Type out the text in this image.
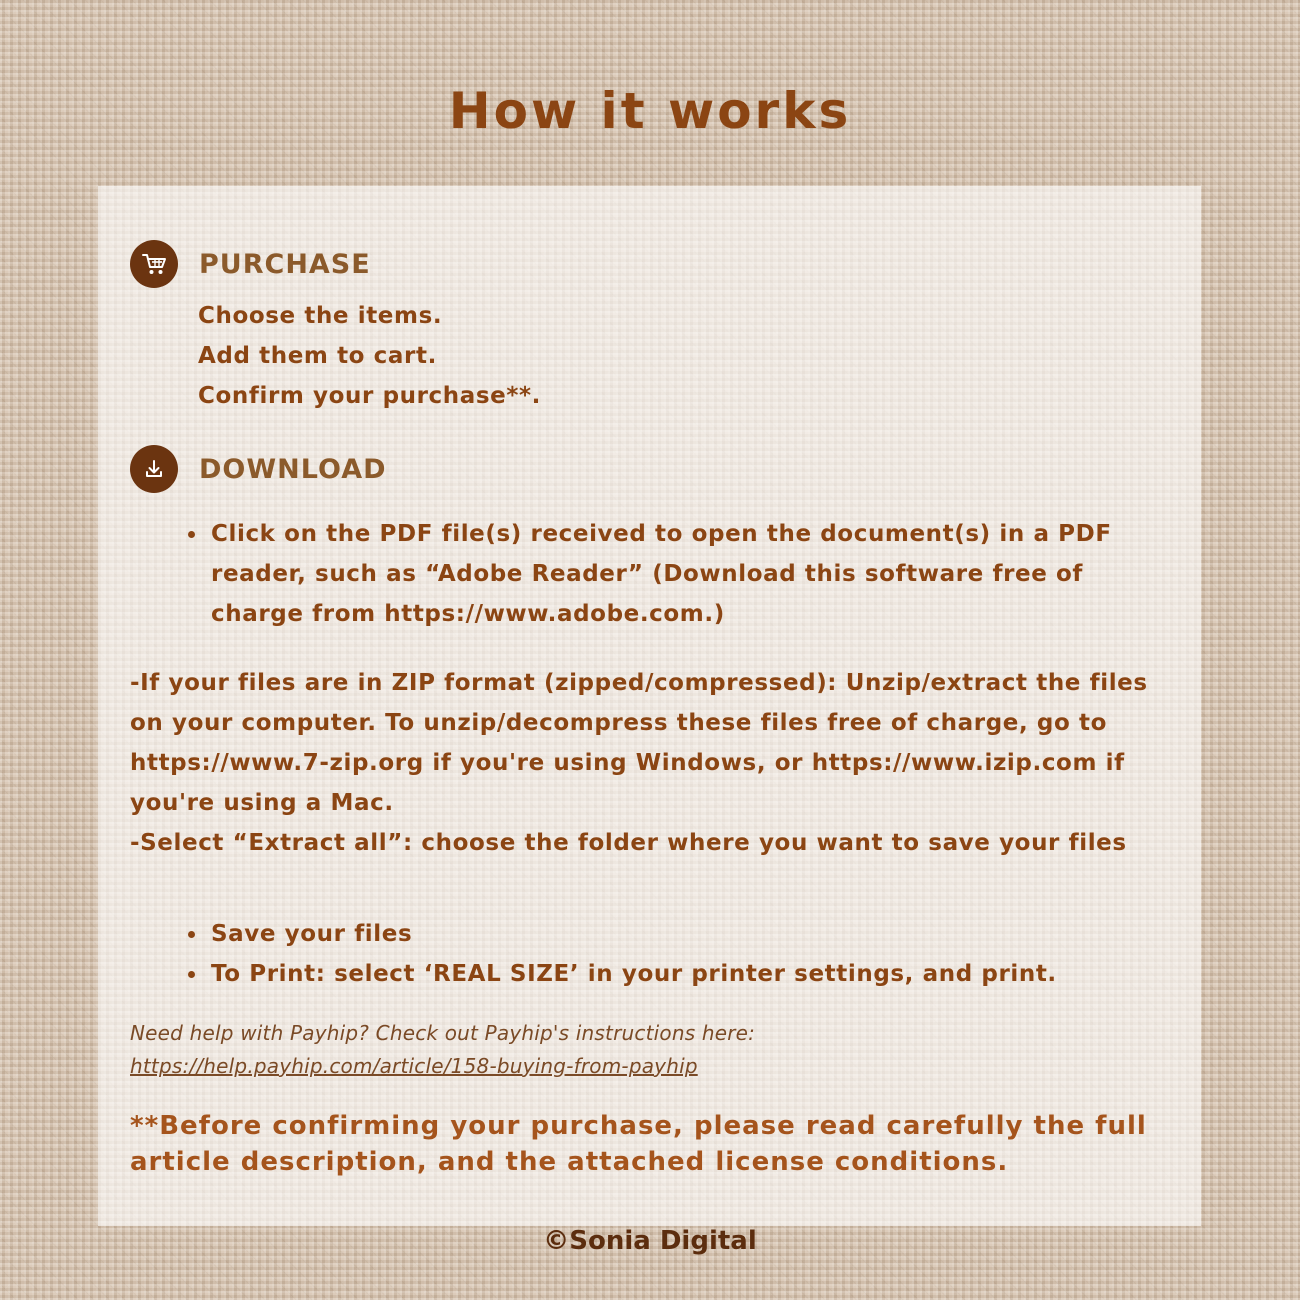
How it works
PURCHASE
Choose the items.
Add them to cart.
Confirm your purchase**.
DOWNLOAD
Click on the PDF file(s) received to open the document(s) in a PDF reader, such as “Adobe Reader” (Download this software free of charge from https://www.adobe.com.)

-If your files are in ZIP format (zipped/compressed): Unzip/extract the files on your computer. To unzip/decompress these files free of charge, go to https://www.7-zip.org if you're using Windows, or https://www.izip.com if you're using a Mac.

-Select “Extract all”: choose the folder where you want to save your files

Save your files
To Print: select ‘REAL SIZE’ in your printer settings, and print.
Need help with Payhip? Check out Payhip's instructions here:
https://help.payhip.com/article/158-buying-from-payhip
**Before confirming your purchase, please read carefully the full article description, and the attached license conditions.
©Sonia Digital
